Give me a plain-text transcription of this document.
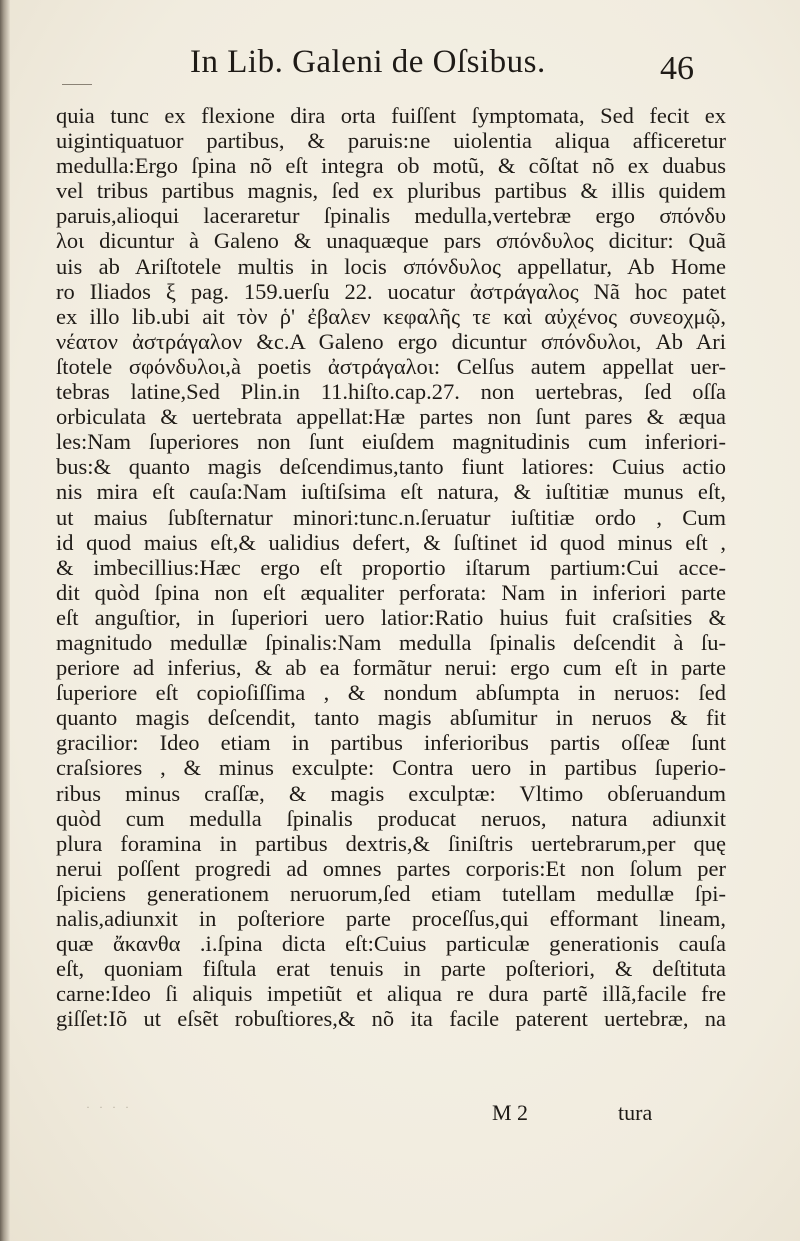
In Lib. Galeni de Oſsibus.	46
quia tunc ex flexione dira orta fuiſſent ſymptomata, Sed fecit ex
uigintiquatuor partibus, & paruis:ne uiolentia aliqua afficeretur
medulla:Ergo ſpina nõ eſt integra ob motũ, & cõſtat nõ ex duabus
vel tribus partibus magnis, ſed ex pluribus partibus & illis quidem
paruis,alioqui laceraretur ſpinalis medulla,vertebræ ergo σπόνδυ
λοι dicuntur à Galeno & unaquæque pars σπόνδυλος dicitur: Quã
uis ab Ariſtotele multis in locis σπόνδυλος appellatur, Ab Home
ro Iliados ξ pag. 159.uerſu 22. uocatur ἀστράγαλος Nã hoc patet
ex illo lib.ubi ait τὸν ῥ' ἐβαλεν κεφαλῆς τε καὶ αὐχένος συνεοχμῷ,
νέατον ἀστράγαλον &c.A Galeno ergo dicuntur σπόνδυλοι, Ab Ari
ſtotele σφόνδυλοι,à poetis ἀστράγαλοι: Celſus autem appellat uer-
tebras latine,Sed Plin.in 11.hiſto.cap.27. non uertebras, ſed oſſa
orbiculata & uertebrata appellat:Hæ partes non ſunt pares & æqua
les:Nam ſuperiores non ſunt eiuſdem magnitudinis cum inferiori-
bus:& quanto magis deſcendimus,tanto fiunt latiores: Cuius actio
nis mira eſt cauſa:Nam iuſtiſsima eſt natura, & iuſtitiæ munus eſt,
ut maius ſubſternatur minori:tunc.n.ſeruatur iuſtitiæ ordo , Cum
id quod maius eſt,& ualidius defert, & ſuſtinet id quod minus eſt ,
& imbecillius:Hæc ergo eſt proportio iſtarum partium:Cui acce-
dit quòd ſpina non eſt æqualiter perforata: Nam in inferiori parte
eſt anguſtior, in ſuperiori uero latior:Ratio huius fuit craſsities &
magnitudo medullæ ſpinalis:Nam medulla ſpinalis deſcendit à ſu-
periore ad inferius, & ab ea formãtur nerui: ergo cum eſt in parte
ſuperiore eſt copioſiſſima , & nondum abſumpta in neruos: ſed
quanto magis deſcendit, tanto magis abſumitur in neruos & fit
gracilior: Ideo etiam in partibus inferioribus partis oſſeæ ſunt
craſsiores , & minus exculpte: Contra uero in partibus ſuperio-
ribus minus craſſæ, & magis exculptæ: Vltimo obſeruandum
quòd cum medulla ſpinalis producat neruos, natura adiunxit
plura foramina in partibus dextris,& ſiniſtris uertebrarum,per quę
nerui poſſent progredi ad omnes partes corporis:Et non ſolum per
ſpiciens generationem neruorum,ſed etiam tutellam medullæ ſpi-
nalis,adiunxit in poſteriore parte proceſſus,qui efformant lineam,
quæ ἄκανθα .i.ſpina dicta eſt:Cuius particulæ generationis cauſa
eſt, quoniam fiſtula erat tenuis in parte poſteriori, & deſtituta
carne:Ideo ſi aliquis impetiũt et aliqua re dura partẽ illã,facile fre
giſſet:Iõ ut eſsẽt robuſtiores,& nõ ita facile paterent uertebræ, na
· · · ·	M 2	tura
